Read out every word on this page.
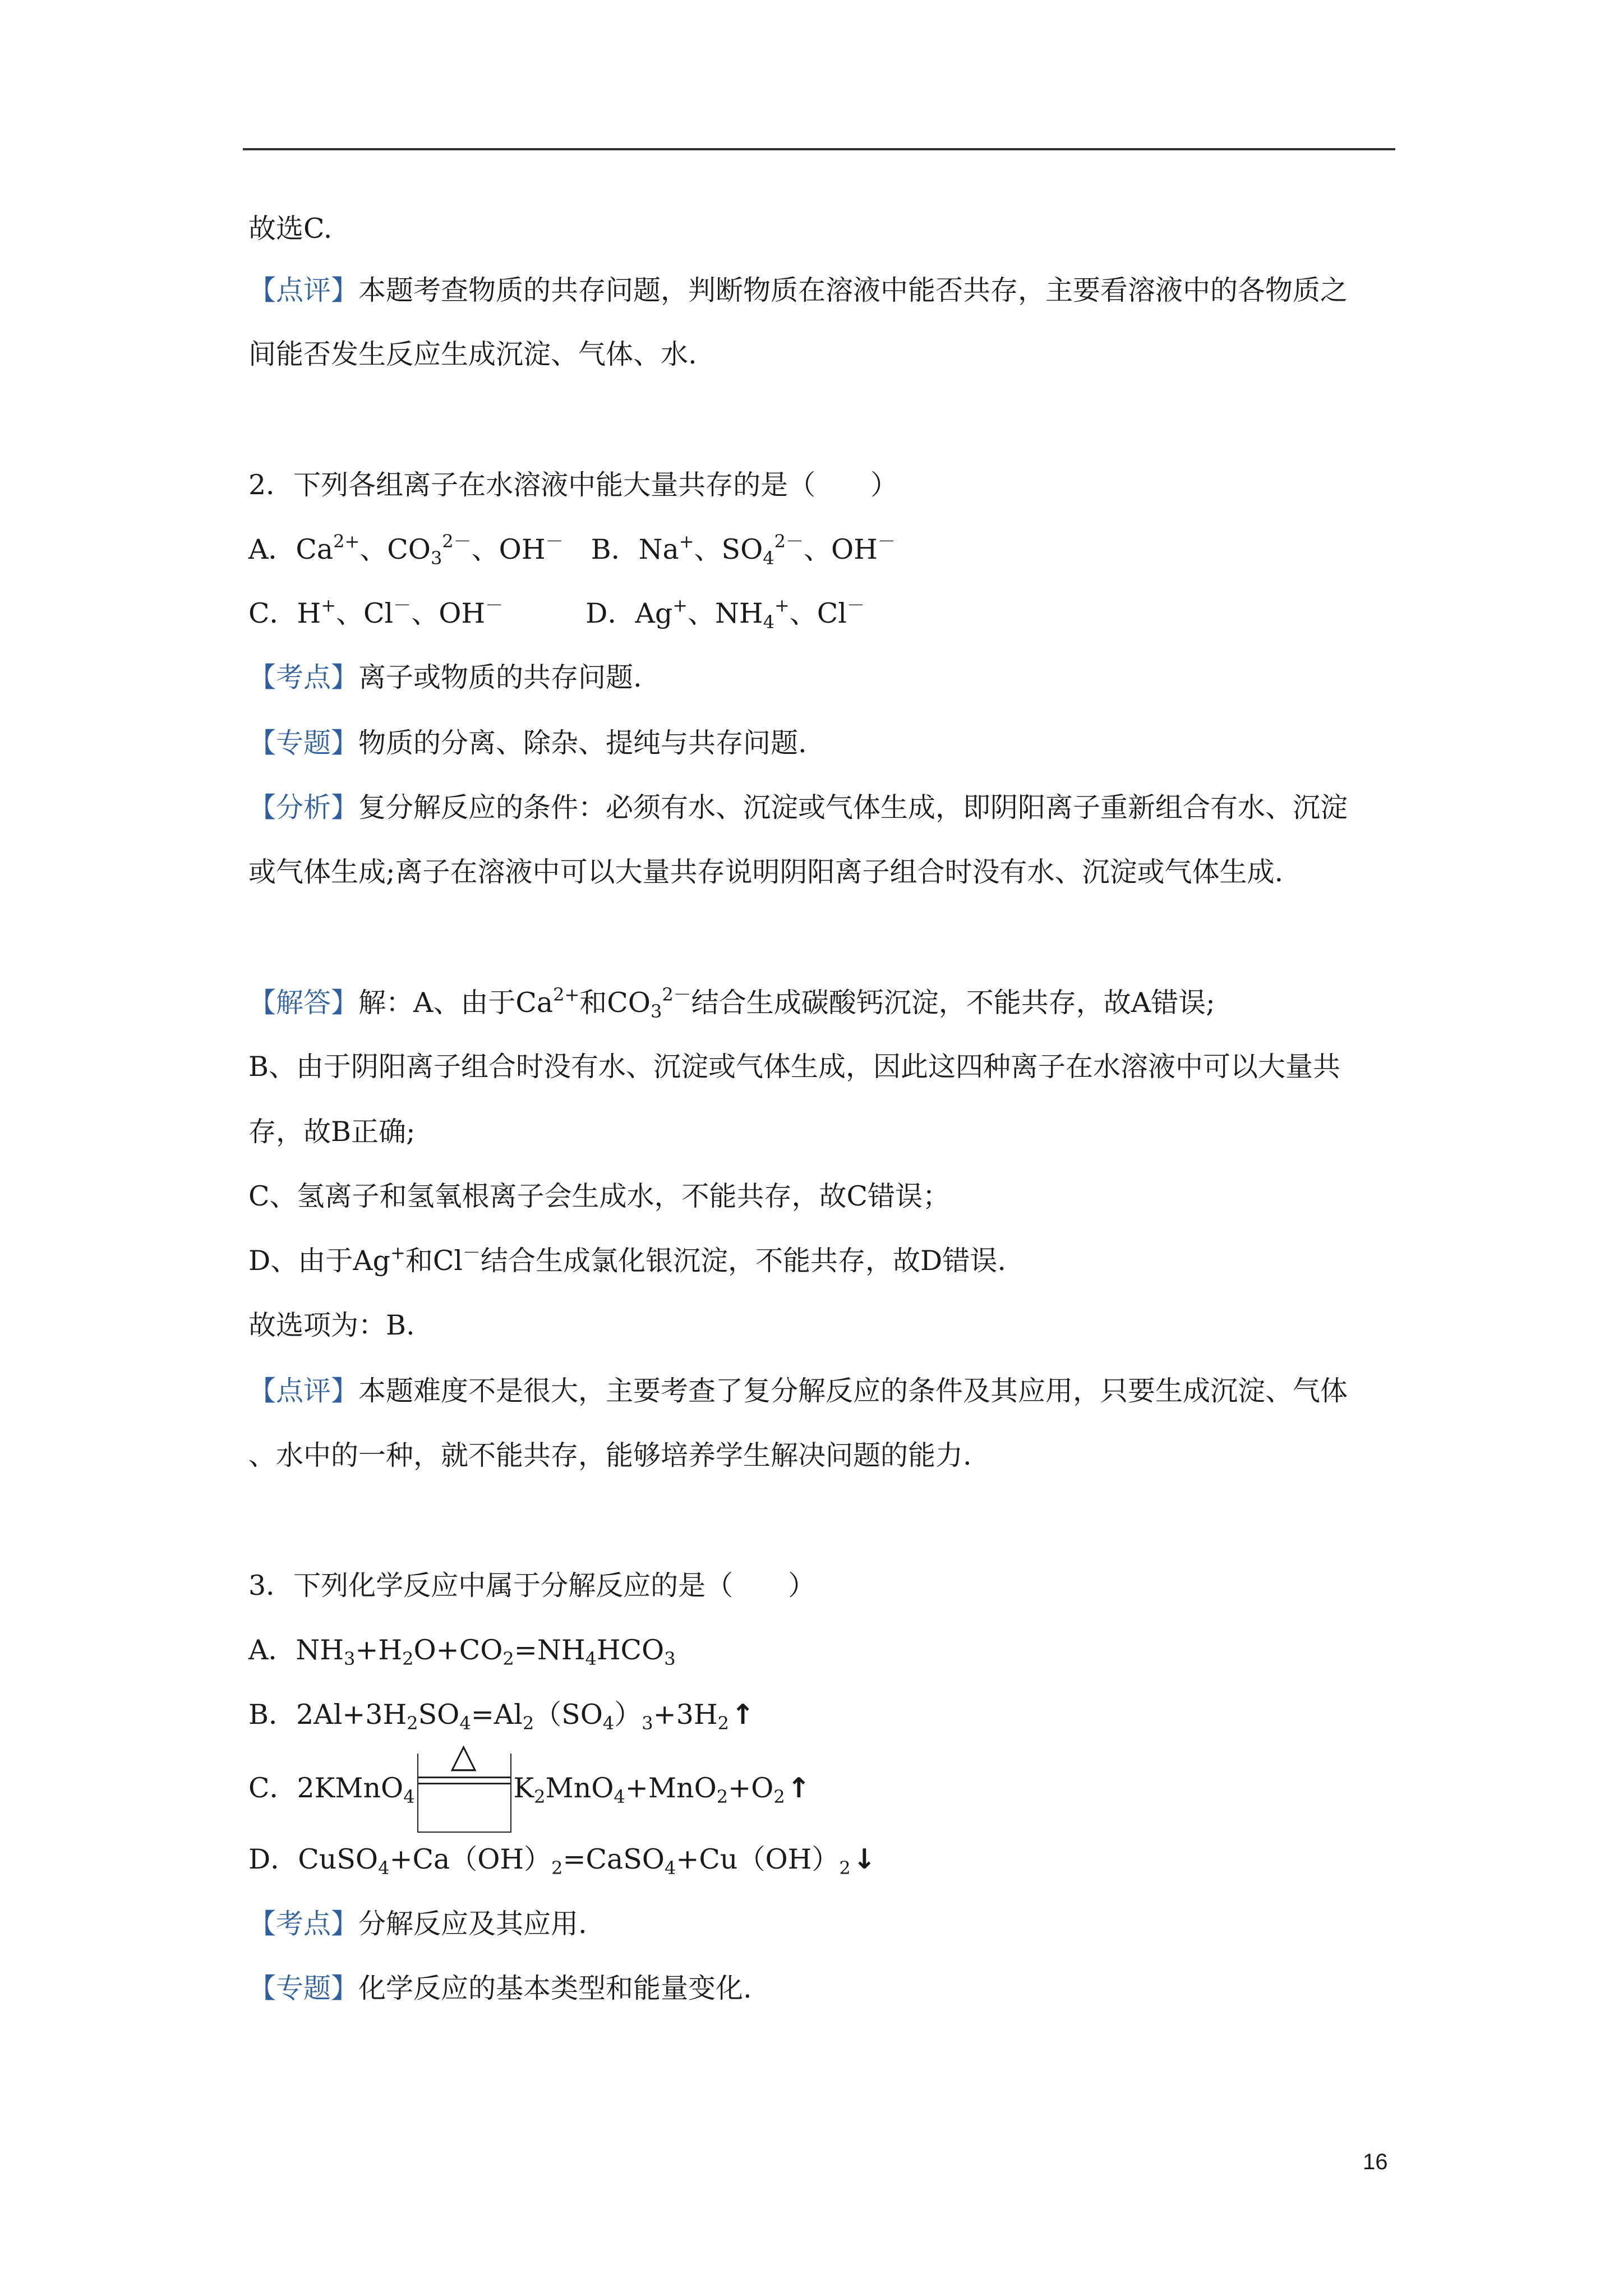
故选C.
【点评】本题考查物质的共存问题，判断物质在溶液中能否共存，主要看溶液中的各物质之
间能否发生反应生成沉淀、气体、水.
2．下列各组离子在水溶液中能大量共存的是（　　）
A．$Ca^{2+}$、$CO_3^{2-}$、OH－　B．Na+、$SO_4^{2-}$、OH－
C．H+、Cl－、OH－　　　D．Ag+、$NH_4^+$、Cl－
【考点】离子或物质的共存问题.
【专题】物质的分离、除杂、提纯与共存问题.
【分析】复分解反应的条件：必须有水、沉淀或气体生成，即阴阳离子重新组合有水、沉淀
或气体生成;离子在溶液中可以大量共存说明阴阳离子组合时没有水、沉淀或气体生成.
【解答】解：A、由于$Ca^{2+}$和$CO_3^{2-}$结合生成碳酸钙沉淀，不能共存，故A错误;
B、由于阴阳离子组合时没有水、沉淀或气体生成，因此这四种离子在水溶液中可以大量共
存，故B正确;
C、氢离子和氢氧根离子会生成水，不能共存，故C错误；
D、由于Ag+和Cl－结合生成氯化银沉淀，不能共存，故D错误.
故选项为：B.
【点评】本题难度不是很大，主要考查了复分解反应的条件及其应用，只要生成沉淀、气体
、水中的一种，就不能共存，能够培养学生解决问题的能力.
3．下列化学反应中属于分解反应的是（　　）
A．$NH_3+H_2O+CO_2=NH_4HCO_3$
B．$2Al+3H_2SO_4=Al_2(SO_4)_3+3H_2↑$
C．2KMnO$_4$
△
$K_2MnO_4+MnO_2+O_2↑$
D．$CuSO_4+Ca(OH)_2=CaSO_4+Cu(OH)_2↓$
【考点】分解反应及其应用.
【专题】化学反应的基本类型和能量变化.
16
